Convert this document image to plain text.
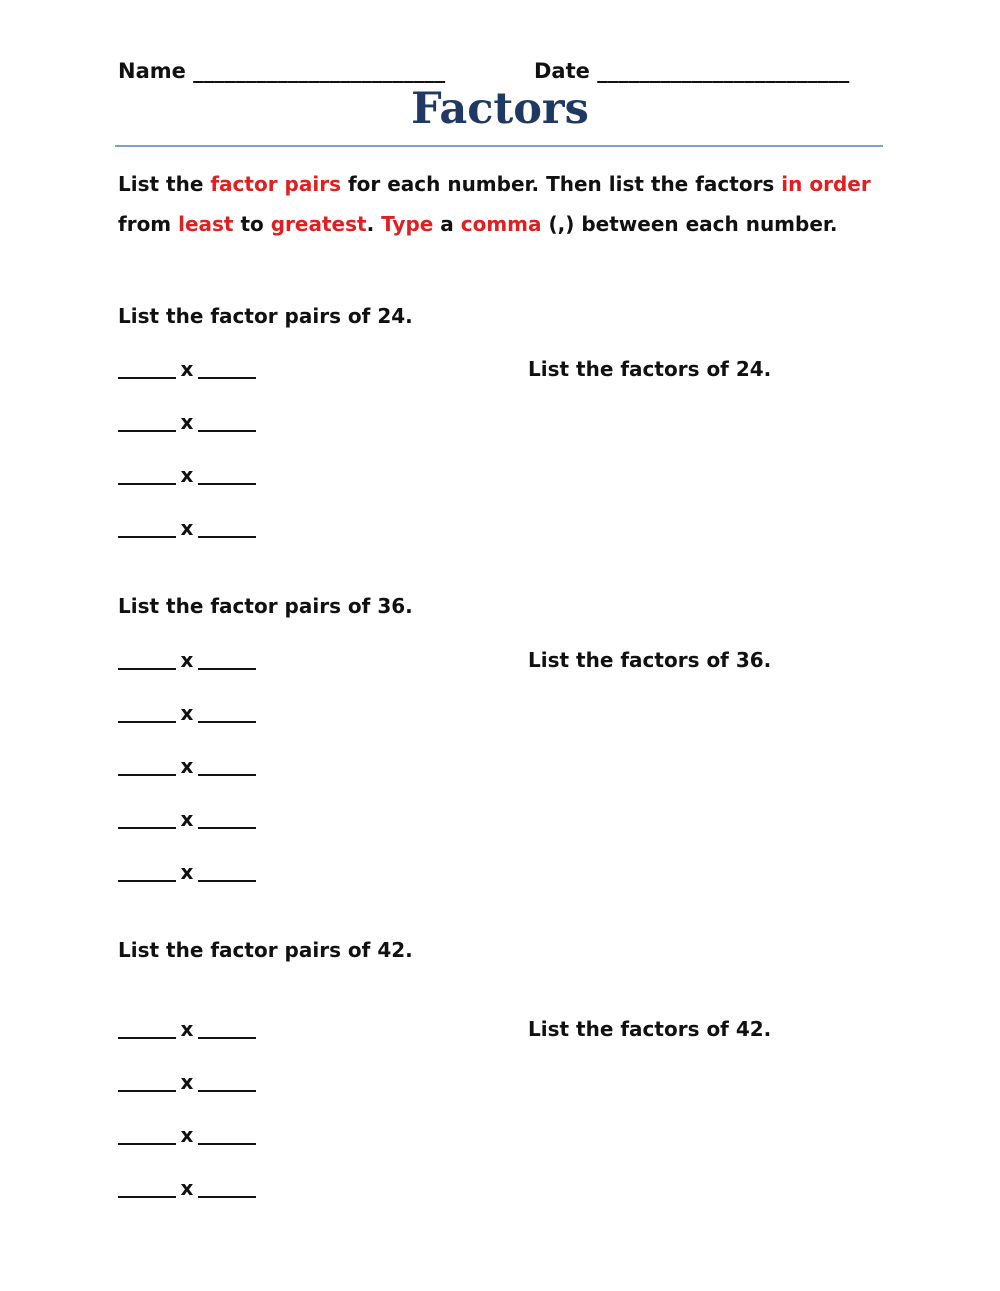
Name ________________________	Date ________________________
Factors
List the factor pairs for each number. Then list the factors in order
from least to greatest. Type a comma (,) between each number.
List the factor pairs of 24.
List the factors of 24.
x
x
x
x
List the factor pairs of 36.
List the factors of 36.
x
x
x
x
x
List the factor pairs of 42.
List the factors of 42.
x
x
x
x
